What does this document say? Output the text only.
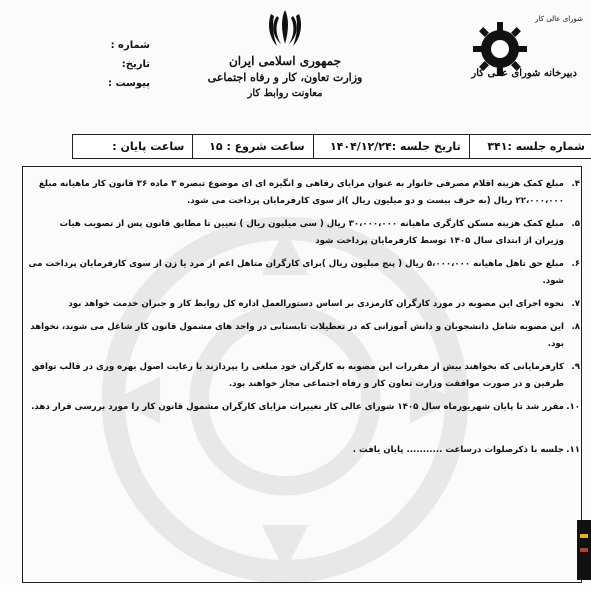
جمهوری اسلامی ایران
وزارت تعاون، کار و رفاه اجتماعی
معاونت روابط کار
شماره :
تاریخ:
پیوست :
شورای عالی کار
دبیرخانه شورای عالی کار
شماره جلسه :۳۴۱
تاریخ جلسه :۱۴۰۴/۱۲/۲۴
ساعت شروع : ۱۵
ساعت پایان :
۴.
مبلغ کمک هزینه اقلام مصرفی خانوار به عنوان مزایای رفاهی و انگیزه ای ای موضوع تبصره ۳ ماده ۳۶ قانون کار ماهیانه مبلغ ۲۲،۰۰۰،۰۰۰ ریال (به حرف بیست و دو میلیون ریال )از سوی کارفرمایان پرداخت می شود.
۵.
مبلغ کمک هزینه مسکن کارگری ماهیانه ۳۰،۰۰۰،۰۰۰ ریال ( سی میلیون ریال ) تعیین تا مطابق قانون پس از تصویب هیات وزیران از ابتدای سال ۱۴۰۵ توسط کارفرمایان پرداخت شود
۶.
مبلغ حق تاهل ماهیانه ۵،۰۰۰،۰۰۰ ریال ( پنج میلیون ریال )برای کارگران متاهل اعم از مرد یا زن از سوی کارفرمایان پرداخت می شود.
۷.
نحوه اجرای این مصوبه در مورد کارگران کارمزدی بر اساس دستورالعمل اداره کل روابط کار و جبران خدمت خواهد بود
۸.
این مصوبه شامل دانشجویان و دانش آموزانی که در تعطیلات تابستانی در واحد های مشمول قانون کار شاغل می شوند، نخواهد بود.
۹.
کارفرمایانی که بخواهند بیش از مقررات این مصوبه به کارگران خود مبلغی را بپردازند با رعایت اصول بهره وری در قالب توافق طرفین و در صورت موافقت وزارت تعاون کار و رفاه اجتماعی مجاز خواهند بود.
۱۰.
مقرر شد تا پایان شهریورماه سال ۱۴۰۵ شورای عالی کار تغییرات مزایای کارگران مشمول قانون کار را مورد بررسی قرار دهد.
۱۱.
جلسه با ذکرصلوات درساعت ........... پایان یافت .
